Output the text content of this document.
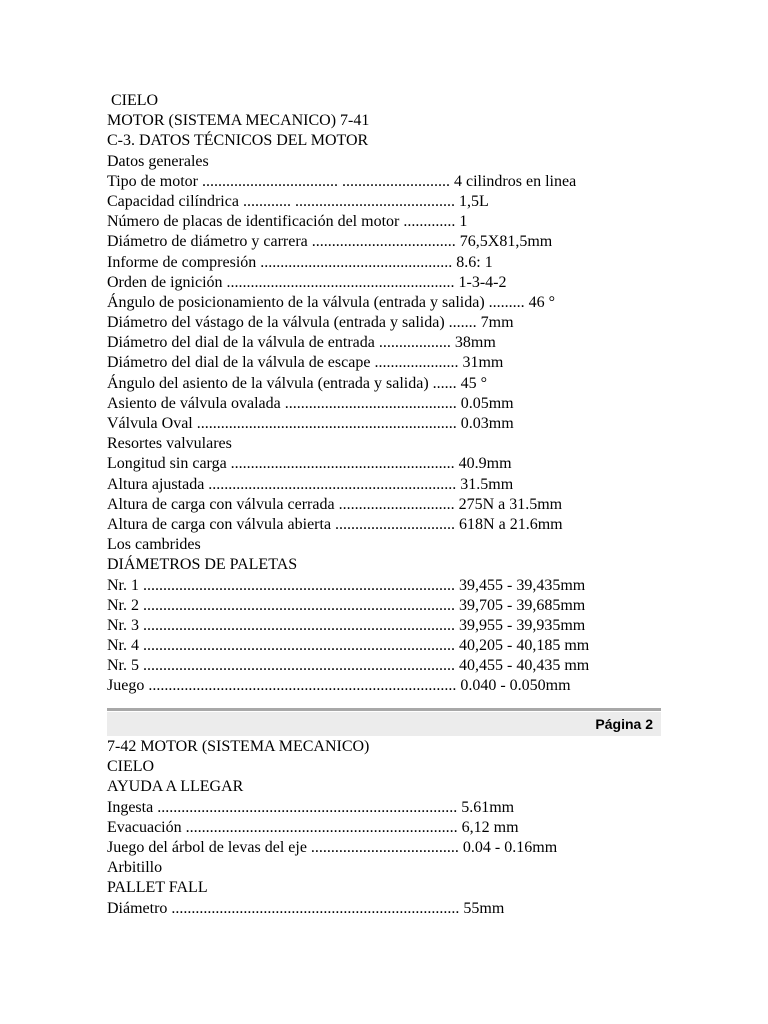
CIELO
MOTOR (SISTEMA MECANICO) 7-41
C-3. DATOS TÉCNICOS DEL MOTOR
Datos generales
Tipo de motor .................................. ........................... 4 cilindros en linea
Capacidad cilíndrica ............ ........................................ 1,5L
Número de placas de identificación del motor ............. 1
Diámetro de diámetro y carrera .................................... 76,5X81,5mm
Informe de compresión ................................................ 8.6: 1
Orden de ignición ......................................................... 1-3-4-2
Ángulo de posicionamiento de la válvula (entrada y salida) ......... 46 °
Diámetro del vástago de la válvula (entrada y salida) ....... 7mm
Diámetro del dial de la válvula de entrada .................. 38mm
Diámetro del dial de la válvula de escape ..................... 31mm
Ángulo del asiento de la válvula (entrada y salida) ...... 45 °
Asiento de válvula ovalada ........................................... 0.05mm
Válvula Oval ................................................................. 0.03mm
Resortes valvulares
Longitud sin carga ........................................................ 40.9mm
Altura ajustada .............................................................. 31.5mm
Altura de carga con válvula cerrada ............................. 275N a 31.5mm
Altura de carga con válvula abierta .............................. 618N a 21.6mm
Los cambrides
DIÁMETROS DE PALETAS
Nr. 1 .............................................................................. 39,455 - 39,435mm
Nr. 2 .............................................................................. 39,705 - 39,685mm
Nr. 3 .............................................................................. 39,955 - 39,935mm
Nr. 4 .............................................................................. 40,205 - 40,185 mm
Nr. 5 .............................................................................. 40,455 - 40,435 mm
Juego ............................................................................. 0.040 - 0.050mm
Página 2
7-42 MOTOR (SISTEMA MECANICO)
CIELO
AYUDA A LLEGAR
Ingesta ........................................................................... 5.61mm
Evacuación .................................................................... 6,12 mm
Juego del árbol de levas del eje ..................................... 0.04 - 0.16mm
Arbitillo
PALLET FALL
Diámetro ........................................................................ 55mm
